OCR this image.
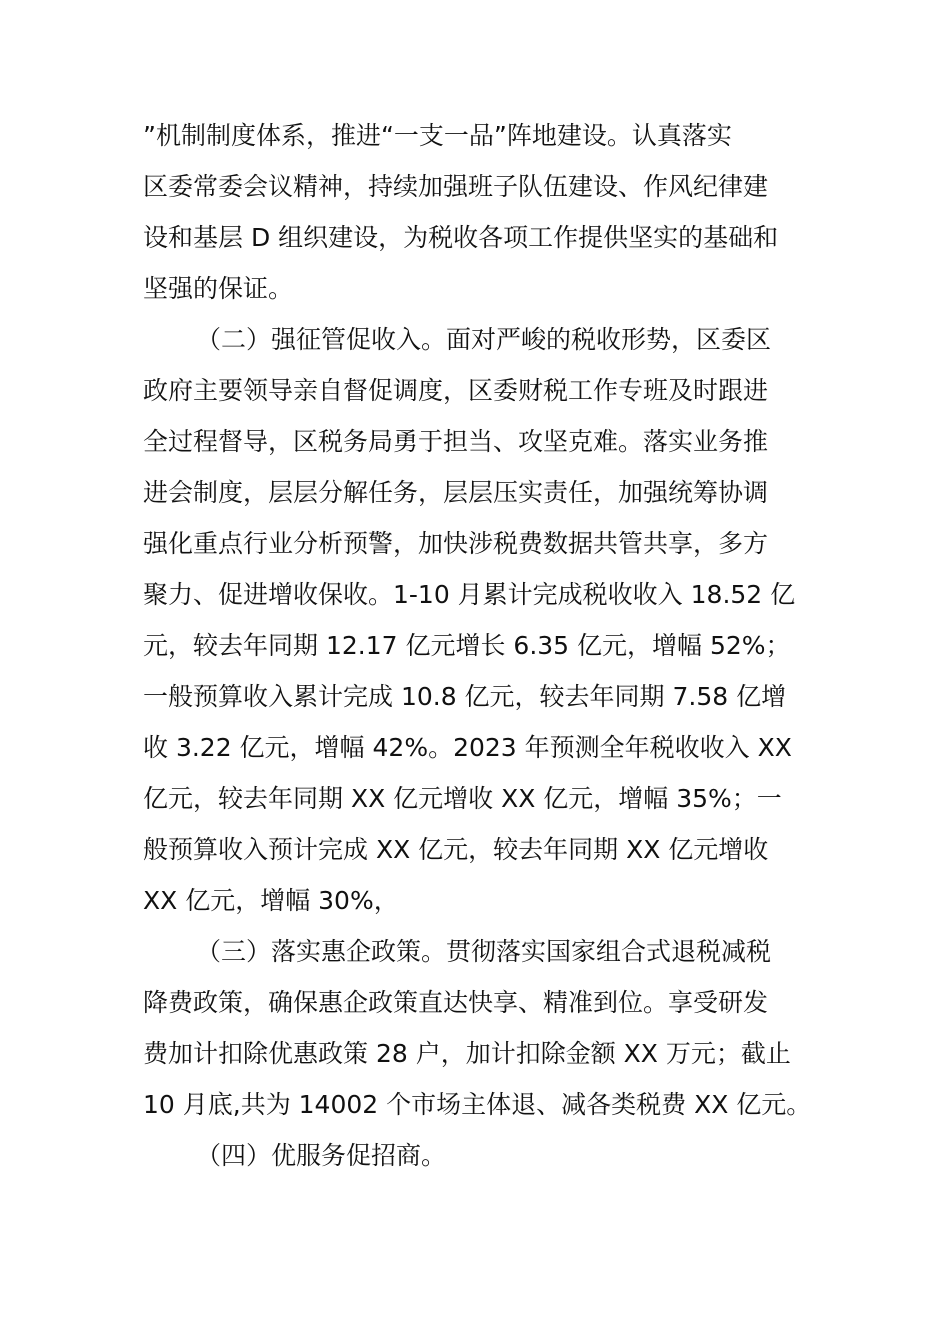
”机制制度体系，推进“一支一品”阵地建设。认真落实
区委常委会议精神，持续加强班子队伍建设、作风纪律建
设和基层 D 组织建设，为税收各项工作提供坚实的基础和
坚强的保证。
（二）强征管促收入。面对严峻的税收形势，区委区
政府主要领导亲自督促调度，区委财税工作专班及时跟进
全过程督导，区税务局勇于担当、攻坚克难。落实业务推
进会制度，层层分解任务，层层压实责任，加强统筹协调
强化重点行业分析预警，加快涉税费数据共管共享，多方
聚力、促进增收保收。1-10 月累计完成税收收入 18.52 亿
元，较去年同期 12.17 亿元增长 6.35 亿元，增幅 52%；
一般预算收入累计完成 10.8 亿元，较去年同期 7.58 亿增
收 3.22 亿元，增幅 42%。2023 年预测全年税收收入 XX
亿元，较去年同期 XX 亿元增收 XX 亿元，增幅 35%；一
般预算收入预计完成 XX 亿元，较去年同期 XX 亿元增收
XX 亿元，增幅 30%，
（三）落实惠企政策。贯彻落实国家组合式退税减税
降费政策，确保惠企政策直达快享、精准到位。享受研发
费加计扣除优惠政策 28 户，加计扣除金额 XX 万元；截止
10 月底,共为 14002 个市场主体退、减各类税费 XX 亿元。
（四）优服务促招商。
